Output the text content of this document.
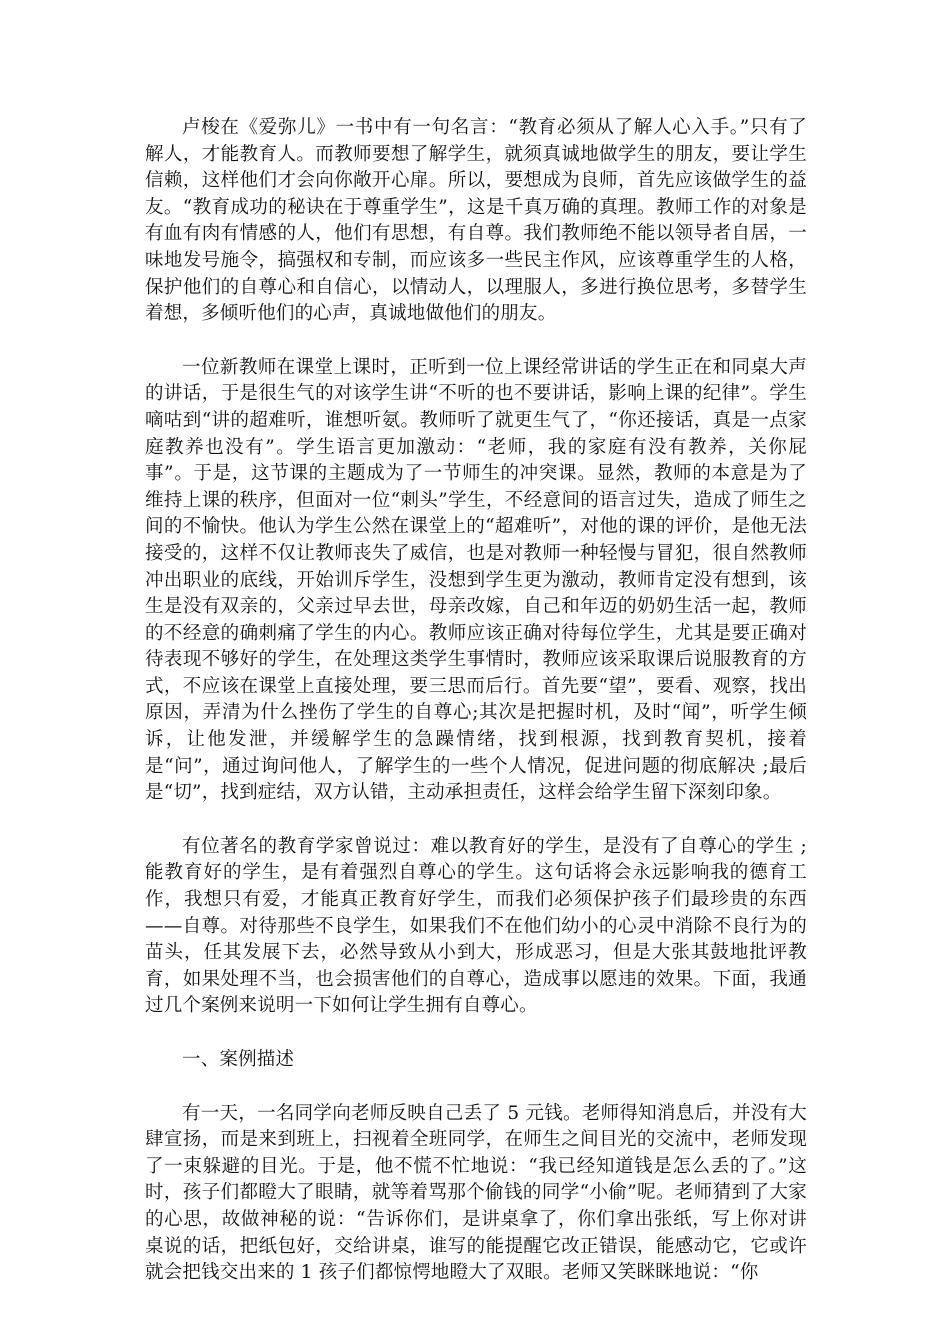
卢梭在《爱弥儿》一书中有一句名言：“教育必须从了解人心入手。”只有了解人，才能教育人。而教师要想了解学生，就须真诚地做学生的朋友，要让学生信赖，这样他们才会向你敞开心扉。所以，要想成为良师，首先应该做学生的益友。“教育成功的秘诀在于尊重学生”，这是千真万确的真理。教师工作的对象是有血有肉有情感的人，他们有思想，有自尊。我们教师绝不能以领导者自居，一味地发号施令，搞强权和专制，而应该多一些民主作风，应该尊重学生的人格，保护他们的自尊心和自信心，以情动人，以理服人，多进行换位思考，多替学生着想，多倾听他们的心声，真诚地做他们的朋友。

一位新教师在课堂上课时，正听到一位上课经常讲话的学生正在和同桌大声的讲话，于是很生气的对该学生讲“不听的也不要讲话，影响上课的纪律”。学生嘀咕到“讲的超难听，谁想听氨。教师听了就更生气了，“你还接话，真是一点家庭教养也没有”。学生语言更加激动：“老师，我的家庭有没有教养，关你屁事”。于是，这节课的主题成为了一节师生的冲突课。显然，教师的本意是为了维持上课的秩序，但面对一位“刺头”学生，不经意间的语言过失，造成了师生之间的不愉快。他认为学生公然在课堂上的“超难听”，对他的课的评价，是他无法接受的，这样不仅让教师丧失了威信，也是对教师一种轻慢与冒犯，很自然教师冲出职业的底线，开始训斥学生，没想到学生更为激动，教师肯定没有想到，该生是没有双亲的，父亲过早去世，母亲改嫁，自己和年迈的奶奶生活一起，教师的不经意的确刺痛了学生的内心。教师应该正确对待每位学生，尤其是要正确对待表现不够好的学生，在处理这类学生事情时，教师应该采取课后说服教育的方式，不应该在课堂上直接处理，要三思而后行。首先要“望”，要看、观察，找出原因，弄清为什么挫伤了学生的自尊心;其次是把握时机，及时“闻”，听学生倾诉，让他发泄，并缓解学生的急躁情绪，找到根源，找到教育契机，接着是“问”，通过询问他人，了解学生的一些个人情况，促进问题的彻底解决 ;最后是“切”，找到症结，双方认错，主动承担责任，这样会给学生留下深刻印象。

有位著名的教育学家曾说过：难以教育好的学生，是没有了自尊心的学生 ;能教育好的学生，是有着强烈自尊心的学生。这句话将会永远影响我的德育工作，我想只有爱，才能真正教育好学生，而我们必须保护孩子们最珍贵的东西——自尊。对待那些不良学生，如果我们不在他们幼小的心灵中消除不良行为的苗头，任其发展下去，必然导致从小到大，形成恶习，但是大张其鼓地批评教育，如果处理不当，也会损害他们的自尊心，造成事以愿违的效果。下面，我通过几个案例来说明一下如何让学生拥有自尊心。

一、案例描述

有一天，一名同学向老师反映自己丢了 5 元钱。老师得知消息后，并没有大肆宣扬，而是来到班上，扫视着全班同学，在师生之间目光的交流中，老师发现了一束躲避的目光。于是，他不慌不忙地说：“我已经知道钱是怎么丢的了。”这时，孩子们都瞪大了眼睛，就等着骂那个偷钱的同学“小偷”呢。老师猜到了大家的心思，故做神秘的说：“告诉你们，是讲桌拿了，你们拿出张纸，写上你对讲桌说的话，把纸包好，交给讲桌，谁写的能提醒它改正错误，能感动它，它或许就会把钱交出来的 1 孩子们都惊愕地瞪大了双眼。老师又笑眯眯地说：“你
